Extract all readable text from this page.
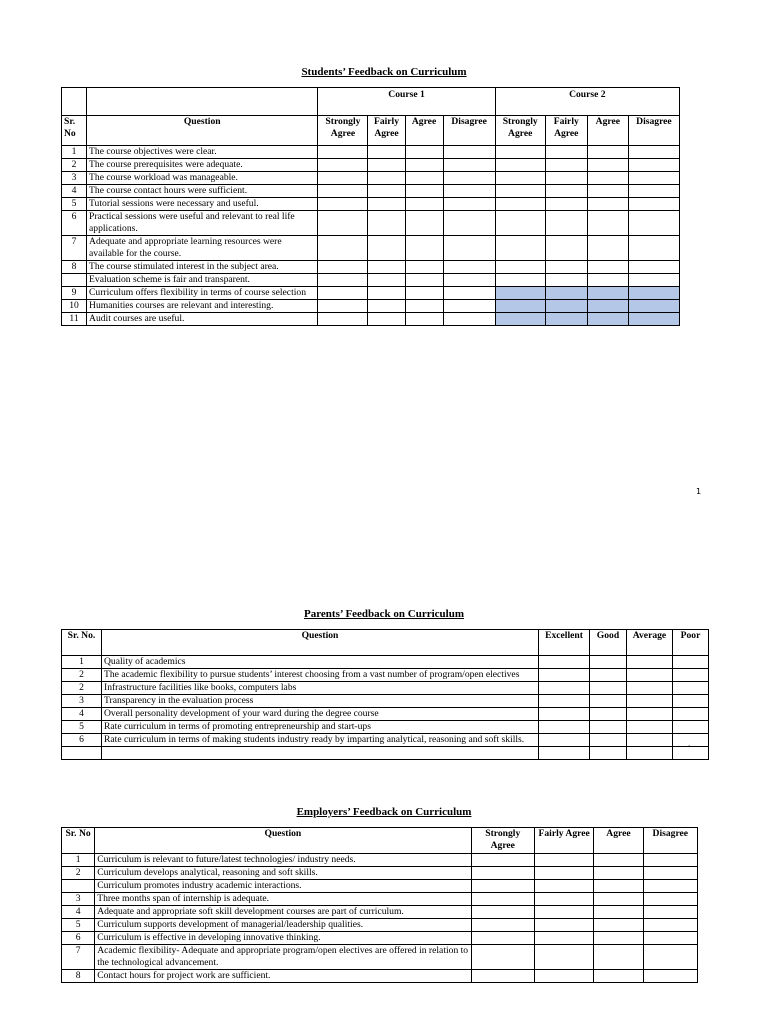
Students’ Feedback on Curriculum
		Course 1				Course 2			
Sr. No	Question	Strongly Agree	Fairly Agree	Agree	Disagree	Strongly Agree	Fairly Agree	Agree	Disagree
1	The course objectives were clear.								
2	The course prerequisites were adequate.								
3	The course workload was manageable.								
4	The course contact hours were sufficient.								
5	Tutorial sessions were necessary and useful.								
6	Practical sessions were useful and relevant to real life applications.								
7	Adequate and appropriate learning resources were available for the course.								
8	The course stimulated interest in the subject area.								
	Evaluation scheme is fair and transparent.								
9	Curriculum offers flexibility in terms of course selection								
10	Humanities courses are relevant and interesting.								
11	Audit courses are useful.								
1
Parents’ Feedback on Curriculum
Sr. No.	Question	Excellent	Good	Average	Poor
1	Quality of academics				
2	The academic flexibility to pursue students’ interest choosing from a vast number of program/open electives				
2	Infrastructure facilities like books, computers labs				
3	Transparency in the evaluation process				
4	Overall personality development of your ward during the degree course				
5	Rate curriculum in terms of promoting entrepreneurship and start-ups				
6	Rate curriculum in terms of making students industry ready by imparting analytical, reasoning and soft skills.				

`
Employers’ Feedback on Curriculum
Sr. No	Question	Strongly Agree	Fairly Agree	Agree	Disagree
1	Curriculum is relevant to future/latest technologies/ industry needs.				
2	Curriculum develops analytical, reasoning and soft skills.				
	Curriculum promotes industry academic interactions.				
3	Three months span of internship is adequate.				
4	Adequate and appropriate soft skill development courses are part of curriculum.				
5	Curriculum supports development of managerial/leadership qualities.				
6	Curriculum is effective in developing innovative thinking.				
7	Academic flexibility- Adequate and appropriate program/open electives are offered in relation to the technological advancement.				
8	Contact hours for project work are sufficient.				
